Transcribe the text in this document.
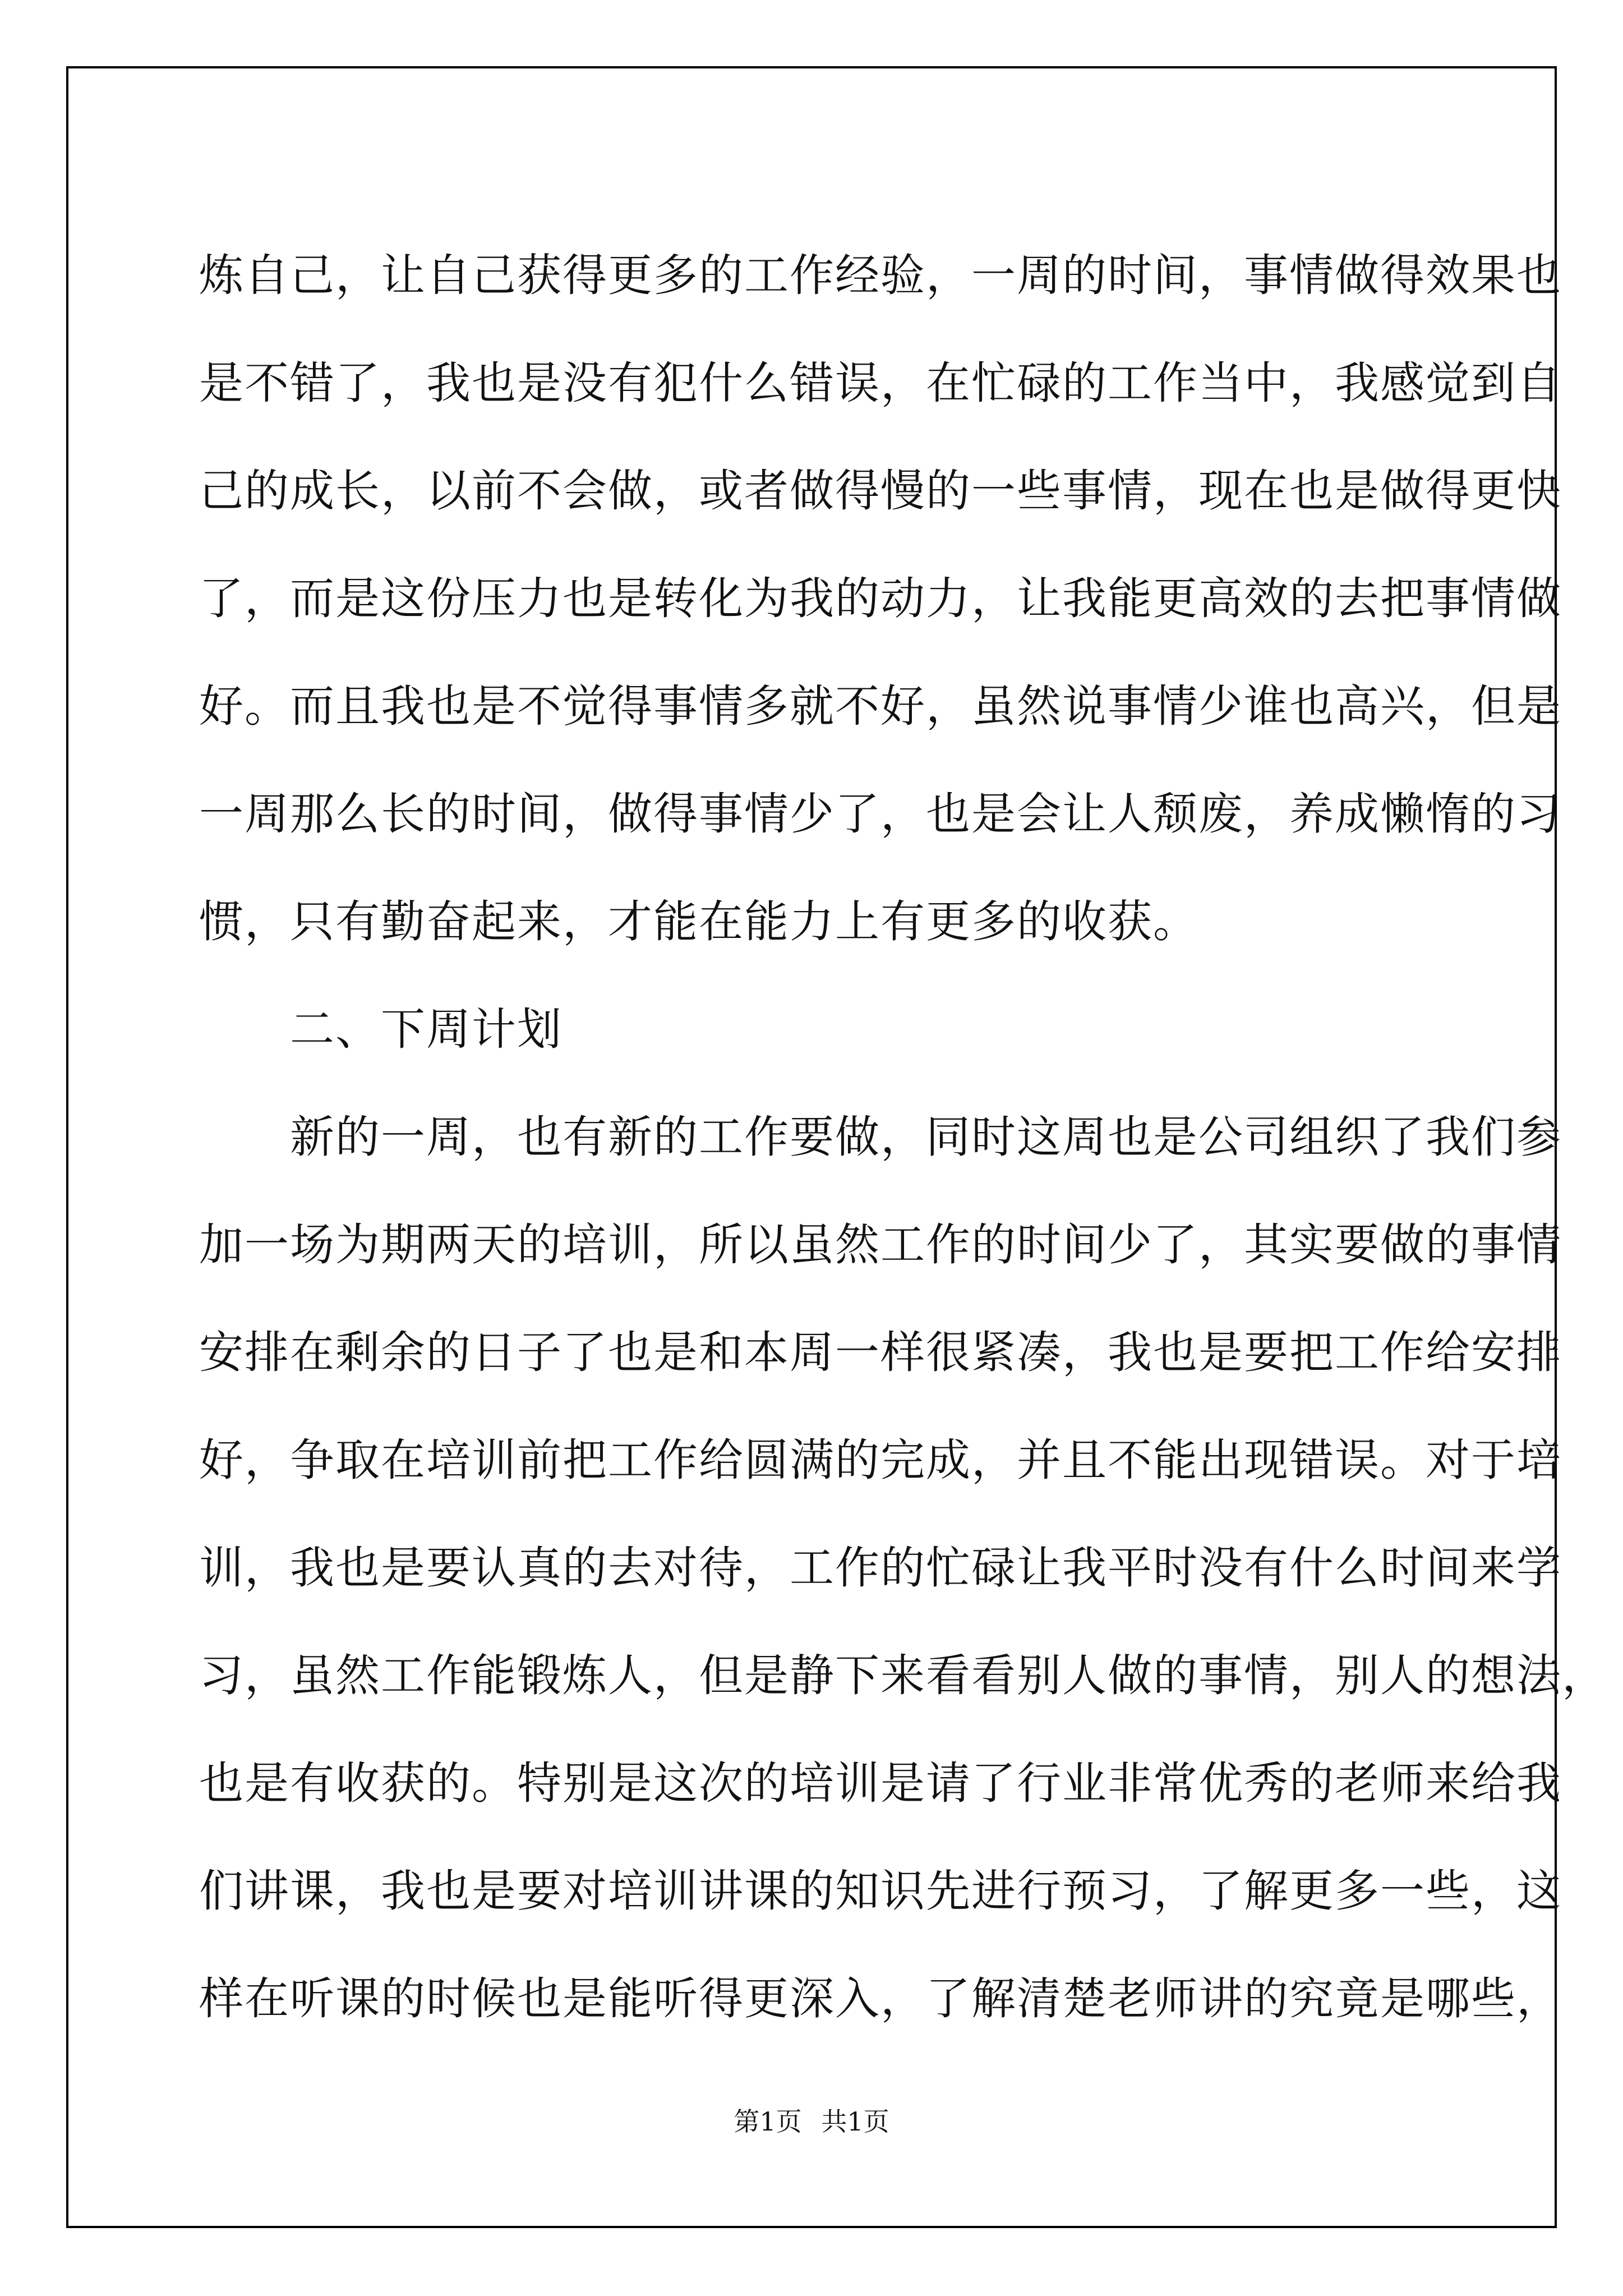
炼自己，让自己获得更多的工作经验，一周的时间，事情做得效果也
是不错了，我也是没有犯什么错误，在忙碌的工作当中，我感觉到自
己的成长，以前不会做，或者做得慢的一些事情，现在也是做得更快
了，而是这份压力也是转化为我的动力，让我能更高效的去把事情做
好。而且我也是不觉得事情多就不好，虽然说事情少谁也高兴，但是
一周那么长的时间，做得事情少了，也是会让人颓废，养成懒惰的习
惯，只有勤奋起来，才能在能力上有更多的收获。
　　二、下周计划
　　新的一周，也有新的工作要做，同时这周也是公司组织了我们参
加一场为期两天的培训，所以虽然工作的时间少了，其实要做的事情
安排在剩余的日子了也是和本周一样很紧凑，我也是要把工作给安排
好，争取在培训前把工作给圆满的完成，并且不能出现错误。对于培
训，我也是要认真的去对待，工作的忙碌让我平时没有什么时间来学
习，虽然工作能锻炼人，但是静下来看看别人做的事情，别人的想法，
也是有收获的。特别是这次的培训是请了行业非常优秀的老师来给我
们讲课，我也是要对培训讲课的知识先进行预习，了解更多一些，这
样在听课的时候也是能听得更深入，了解清楚老师讲的究竟是哪些，
第1页 共1页
